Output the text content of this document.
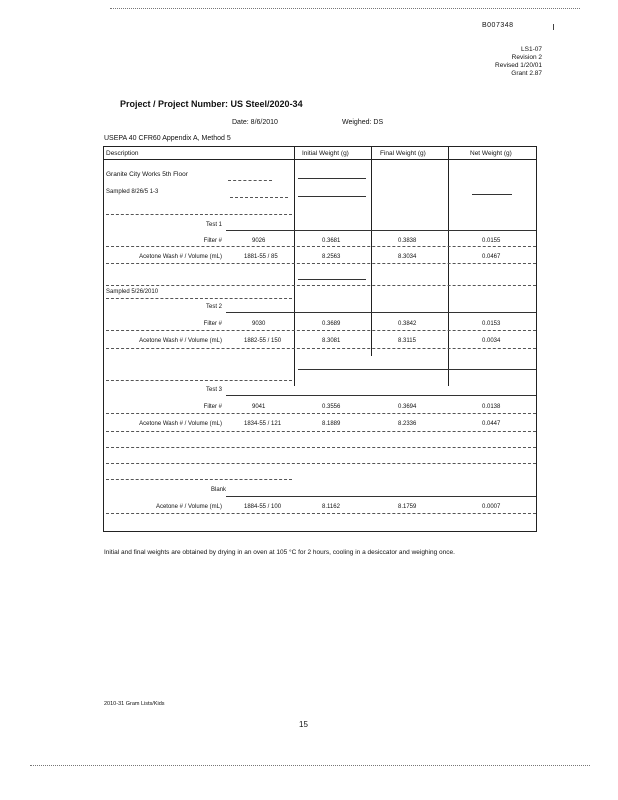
B007348
LS1-07
Revision 2
Revised 1/20/01
Grant 2.87
Project / Project Number: US Steel/2020-34
Date: 8/6/2010	Weighed: DS
USEPA 40 CFR60 Appendix A, Method 5
Description	Initial Weight (g)	Final Weight (g)	Net Weight (g)
Granite City Works 5th Floor
Sampled 8/26/5 1-3
Test 1
Filter #	9026	0.3681	0.3838	0.0155
Acetone Wash # / Volume (mL)	1881-55 / 85	8.2563	8.3034	0.0467
Sampled 5/26/2010
Test 2
Filter #	9030	0.3689	0.3842	0.0153
Acetone Wash # / Volume (mL)	1882-55 / 150	8.3081	8.3115	0.0034
Test 3
Filter #	9041	0.3556	0.3694	0.0138
Acetone Wash # / Volume (mL)	1834-55 / 121	8.1889	8.2336	0.0447
Blank
Acetone # / Volume (mL)	1884-55 / 100	8.1162	8.1759	0.0007
Initial and final weights are obtained by drying in an oven at 105 °C for 2 hours, cooling in a desiccator and weighing once.
2010-31 Gram Lists/Kids
15
